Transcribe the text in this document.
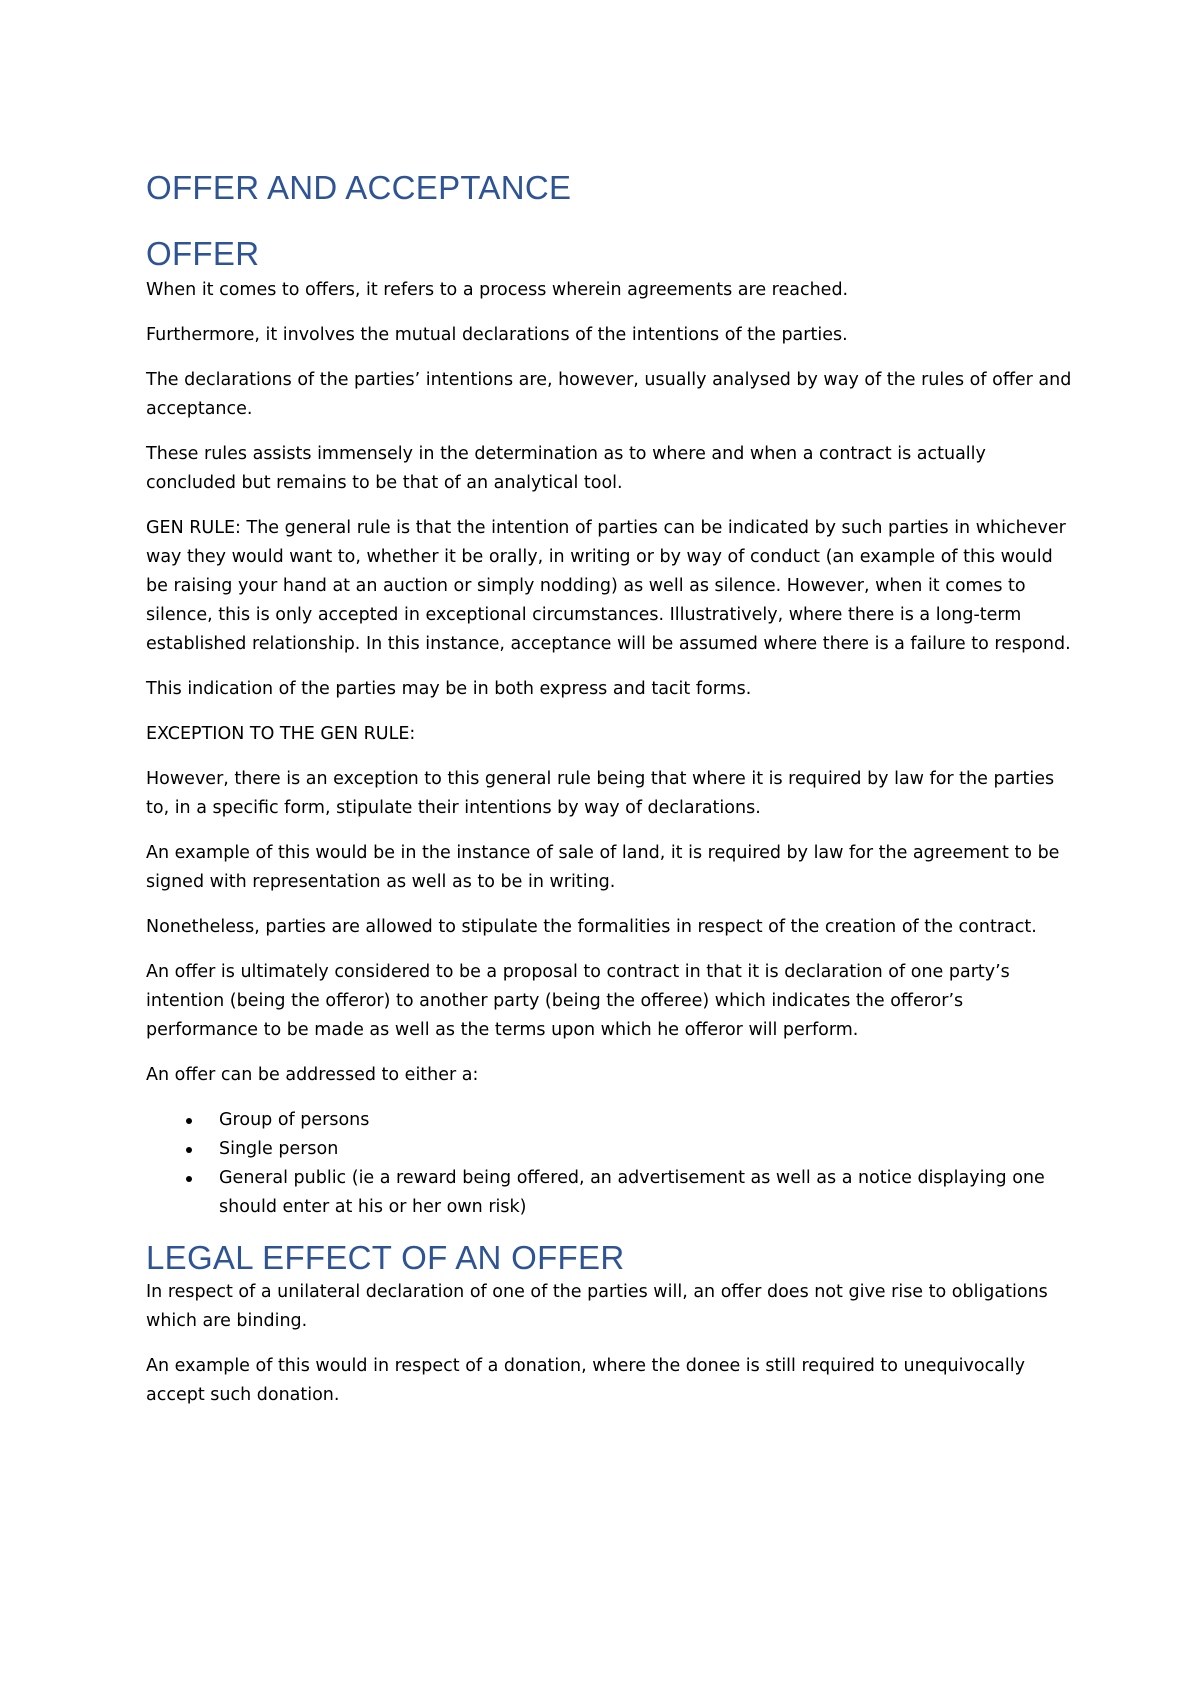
OFFER AND ACCEPTANCE
OFFER

When it comes to offers, it refers to a process wherein agreements are reached.

Furthermore, it involves the mutual declarations of the intentions of the parties.

The declarations of the parties’ intentions are, however, usually analysed by way of the rules of offer and acceptance.

These rules assists immensely in the determination as to where and when a contract is actually concluded but remains to be that of an analytical tool.

GEN RULE: The general rule is that the intention of parties can be indicated by such parties in whichever way they would want to, whether it be orally, in writing or by way of conduct (an example of this would be raising your hand at an auction or simply nodding) as well as silence. However, when it comes to silence, this is only accepted in exceptional circumstances. Illustratively, where there is a long-term established relationship. In this instance, acceptance will be assumed where there is a failure to respond.

This indication of the parties may be in both express and tacit forms.

EXCEPTION TO THE GEN RULE:

However, there is an exception to this general rule being that where it is required by law for the parties to, in a specific form, stipulate their intentions by way of declarations.

An example of this would be in the instance of sale of land, it is required by law for the agreement to be signed with representation as well as to be in writing.

Nonetheless, parties are allowed to stipulate the formalities in respect of the creation of the contract.

An offer is ultimately considered to be a proposal to contract in that it is declaration of one party’s intention (being the offeror) to another party (being the offeree) which indicates the offeror’s performance to be made as well as the terms upon which he offeror will perform.

An offer can be addressed to either a:

Group of persons
Single person
General public (ie a reward being offered, an advertisement as well as a notice displaying one should enter at his or her own risk)
LEGAL EFFECT OF AN OFFER

In respect of a unilateral declaration of one of the parties will, an offer does not give rise to obligations which are binding.

An example of this would in respect of a donation, where the donee is still required to unequivocally accept such donation.
